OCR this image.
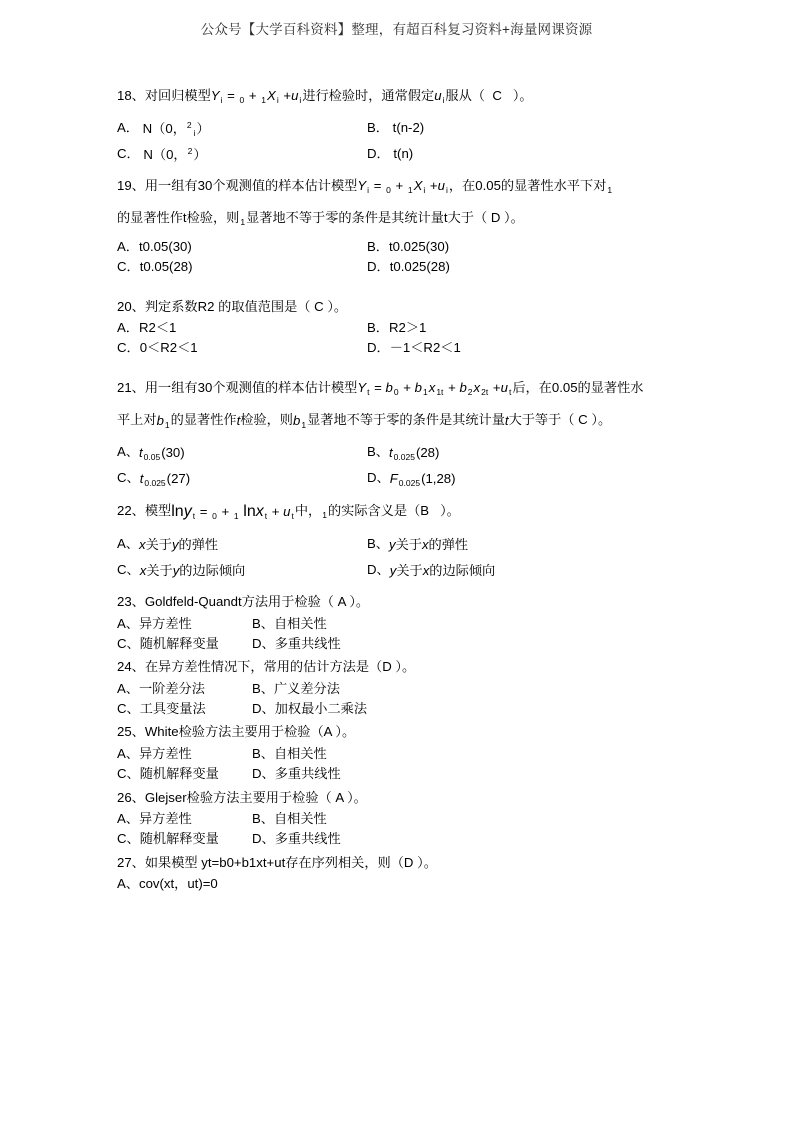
公众号【大学百科资料】整理，有超百科复习资料+海量网课资源
18、对回归模型$Y_i = _0 + _1X_i +u_i$进行检验时，通常假定$u_i$服从（ C ）。
A． N（0，$^2_i$）	B． t(n-2)
C． N（0，$^2$）	D． t(n)
19、用一组有30个观测值的样本估计模型$Y_i = _0 + _1X_i +u_i$，在0.05的显著性水平下对$_1$
的显著性作t检验，则$_1$显著地不等于零的条件是其统计量t大于（ D ）。
A．t0.05(30)	B．t0.025(30)
C．t0.05(28)	D．t0.025(28)
20、判定系数R2 的取值范围是（ C ）。
A．R2＜1	B．R2＞1
C．0＜R2＜1	D．－1＜R2＜1
21、用一组有30个观测值的样本估计模型$Y_t = b_0 + b_1x_{1t} + b_2x_{2t} +u_t$后，在0.05的显著性水
平上对$b_1$的显著性作t检验，则$b_1$显著地不等于零的条件是其统计量t大于等于（ C ）。
A、$t_{0.05}(30)$	B、$t_{0.025}(28)$
C、$t_{0.025}(27)$	D、$F_{0.025}(1,28)$
22、模型lny$_t$ = $_0$ + $_1$ $\ln x_t + u_t$中，$_1$的实际含义是（B ）。
A、x关于y的弹性	B、y关于x的弹性
C、x关于y的边际倾向	D、y关于x的边际倾向
23、Goldfeld-Quandt方法用于检验（ A ）。
A、异方差性	B、自相关性
C、随机解释变量	D、多重共线性
24、在异方差性情况下，常用的估计方法是（D ）。
A、一阶差分法	B、广义差分法
C、工具变量法	D、加权最小二乘法
25、White检验方法主要用于检验（A ）。
A、异方差性	B、自相关性
C、随机解释变量	D、多重共线性
26、Glejser检验方法主要用于检验（ A ）。
A、异方差性	B、自相关性
C、随机解释变量	D、多重共线性
27、如果模型 yt=b0+b1xt+ut存在序列相关，则（D ）。
A、cov(xt，ut)=0
